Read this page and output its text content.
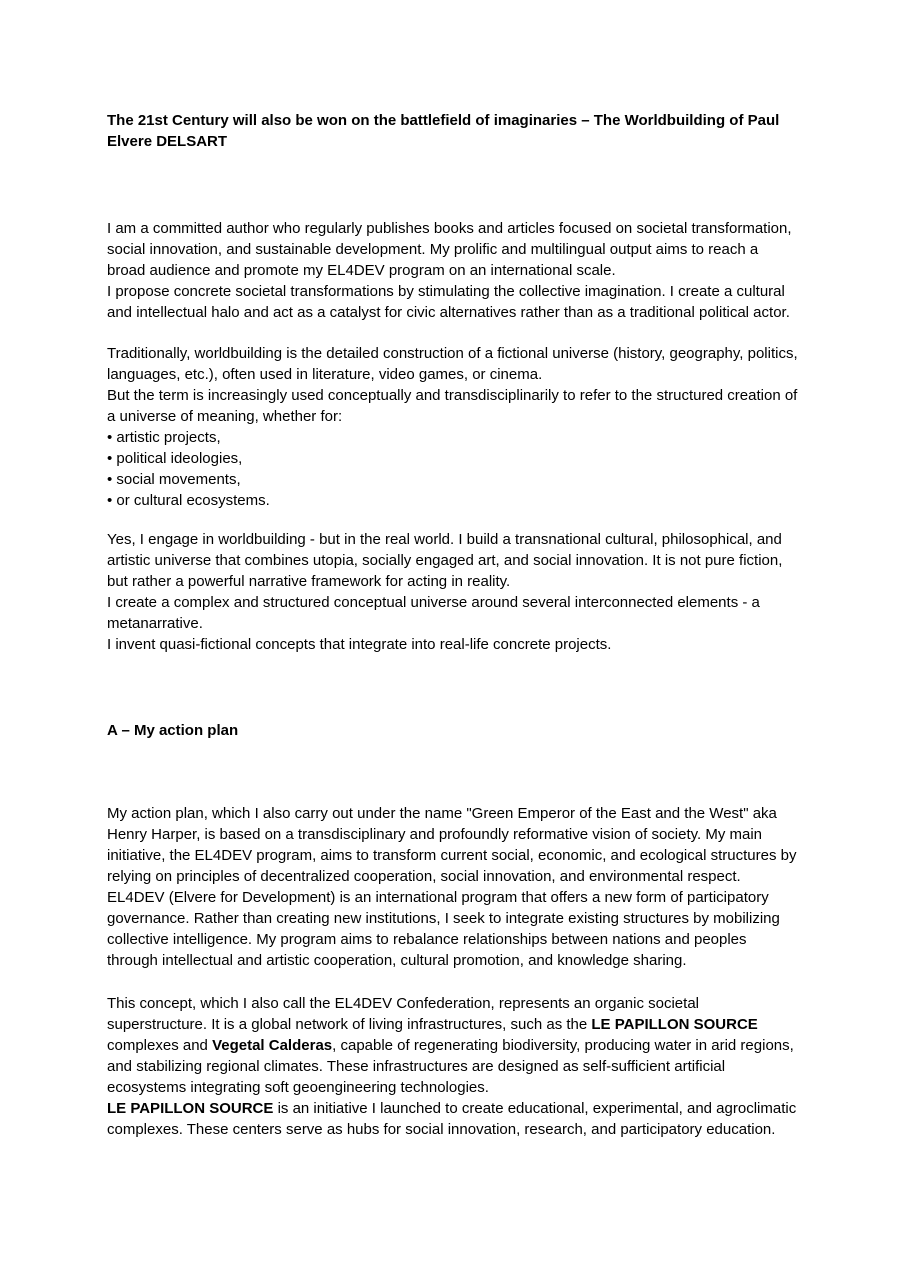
The 21st Century will also be won on the battlefield of imaginaries – The Worldbuilding of Paul Elvere DELSART

I am a committed author who regularly publishes books and articles focused on societal transformation, social innovation, and sustainable development. My prolific and multilingual output aims to reach a broad audience and promote my EL4DEV program on an international scale.
I propose concrete societal transformations by stimulating the collective imagination. I create a cultural and intellectual halo and act as a catalyst for civic alternatives rather than as a traditional political actor.

Traditionally, worldbuilding is the detailed construction of a fictional universe (history, geography, politics, languages, etc.), often used in literature, video games, or cinema.
But the term is increasingly used conceptually and transdisciplinarily to refer to the structured creation of a universe of meaning, whether for:
• artistic projects,
• political ideologies,
• social movements,
• or cultural ecosystems.

Yes, I engage in worldbuilding - but in the real world. I build a transnational cultural, philosophical, and artistic universe that combines utopia, socially engaged art, and social innovation. It is not pure fiction, but rather a powerful narrative framework for acting in reality.
I create a complex and structured conceptual universe around several interconnected elements - a metanarrative.
I invent quasi-fictional concepts that integrate into real-life concrete projects.

A – My action plan

My action plan, which I also carry out under the name "Green Emperor of the East and the West" aka Henry Harper, is based on a transdisciplinary and profoundly reformative vision of society. My main initiative, the EL4DEV program, aims to transform current social, economic, and ecological structures by relying on principles of decentralized cooperation, social innovation, and environmental respect.
EL4DEV (Elvere for Development) is an international program that offers a new form of participatory governance. Rather than creating new institutions, I seek to integrate existing structures by mobilizing collective intelligence. My program aims to rebalance relationships between nations and peoples through intellectual and artistic cooperation, cultural promotion, and knowledge sharing.

This concept, which I also call the EL4DEV Confederation, represents an organic societal superstructure. It is a global network of living infrastructures, such as the LE PAPILLON SOURCE complexes and Vegetal Calderas, capable of regenerating biodiversity, producing water in arid regions, and stabilizing regional climates. These infrastructures are designed as self-sufficient artificial ecosystems integrating soft geoengineering technologies.
LE PAPILLON SOURCE is an initiative I launched to create educational, experimental, and agroclimatic complexes. These centers serve as hubs for social innovation, research, and participatory education.
